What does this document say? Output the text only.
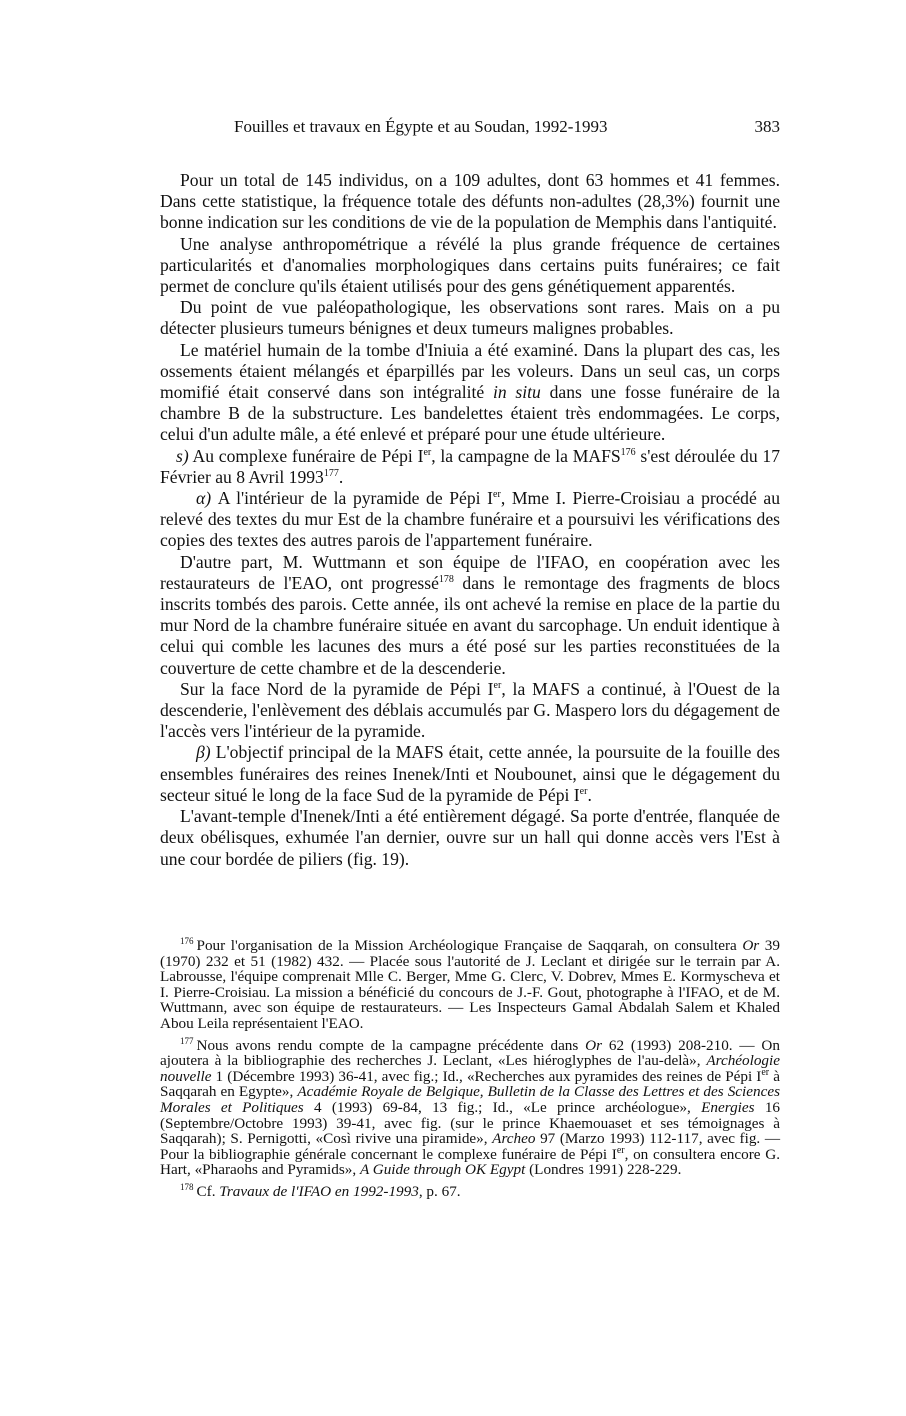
Fouilles et travaux en Égypte et au Soudan, 1992-1993	383

Pour un total de 145 individus, on a 109 adultes, dont 63 hommes et 41 femmes. Dans cette statistique, la fréquence totale des défunts non-adultes (28,3%) fournit une bonne indication sur les conditions de vie de la population de Memphis dans l'antiquité.

Une analyse anthropométrique a révélé la plus grande fréquence de certaines particularités et d'anomalies morphologiques dans certains puits funéraires; ce fait permet de conclure qu'ils étaient utilisés pour des gens génétiquement apparentés.

Du point de vue paléopathologique, les observations sont rares. Mais on a pu détecter plusieurs tumeurs bénignes et deux tumeurs malignes probables.

Le matériel humain de la tombe d'Iniuia a été examiné. Dans la plupart des cas, les ossements étaient mélangés et éparpillés par les voleurs. Dans un seul cas, un corps momifié était conservé dans son intégralité in situ dans une fosse funéraire de la chambre B de la substructure. Les bandelettes étaient très endommagées. Le corps, celui d'un adulte mâle, a été enlevé et préparé pour une étude ultérieure.

s) Au complexe funéraire de Pépi Ier, la campagne de la MAFS$^{176}$ s'est déroulée du 17 Février au 8 Avril 1993$^{177}$.

α) A l'intérieur de la pyramide de Pépi Ier, Mme I. Pierre-Croisiau a procédé au relevé des textes du mur Est de la chambre funéraire et a poursuivi les vérifications des copies des textes des autres parois de l'appartement funéraire.

D'autre part, M. Wuttmann et son équipe de l'IFAO, en coopération avec les restaurateurs de l'EAO, ont progressé$^{178}$ dans le remontage des fragments de blocs inscrits tombés des parois. Cette année, ils ont achevé la remise en place de la partie du mur Nord de la chambre funéraire située en avant du sarcophage. Un enduit identique à celui qui comble les lacunes des murs a été posé sur les parties reconstituées de la couverture de cette chambre et de la descenderie.

Sur la face Nord de la pyramide de Pépi Ier, la MAFS a continué, à l'Ouest de la descenderie, l'enlèvement des déblais accumulés par G. Maspero lors du dégagement de l'accès vers l'intérieur de la pyramide.

β) L'objectif principal de la MAFS était, cette année, la poursuite de la fouille des ensembles funéraires des reines Inenek/Inti et Noubounet, ainsi que le dégagement du secteur situé le long de la face Sud de la pyramide de Pépi Ier.

L'avant-temple d'Inenek/Inti a été entièrement dégagé. Sa porte d'entrée, flanquée de deux obélisques, exhumée l'an dernier, ouvre sur un hall qui donne accès vers l'Est à une cour bordée de piliers (fig. 19).

$^{176}$ Pour l'organisation de la Mission Archéologique Française de Saqqarah, on consultera Or 39 (1970) 232 et 51 (1982) 432. — Placée sous l'autorité de J. Leclant et dirigée sur le terrain par A. Labrousse, l'équipe comprenait Mlle C. Berger, Mme G. Clerc, V. Dobrev, Mmes E. Kormyscheva et I. Pierre-Croisiau. La mission a bénéficié du concours de J.-F. Gout, photographe à l'IFAO, et de M. Wuttmann, avec son équipe de restaurateurs. — Les Inspecteurs Gamal Abdalah Salem et Khaled Abou Leila représentaient l'EAO.

$^{177}$ Nous avons rendu compte de la campagne précédente dans Or 62 (1993) 208-210. — On ajoutera à la bibliographie des recherches J. Leclant, «Les hiéroglyphes de l'au-delà», Archéologie nouvelle 1 (Décembre 1993) 36-41, avec fig.; Id., «Recherches aux pyramides des reines de Pépi Ier à Saqqarah en Egypte», Académie Royale de Belgique, Bulletin de la Classe des Lettres et des Sciences Morales et Politiques 4 (1993) 69-84, 13 fig.; Id., «Le prince archéologue», Energies 16 (Septembre/Octobre 1993) 39-41, avec fig. (sur le prince Khaemouaset et ses témoignages à Saqqarah); S. Pernigotti, «Così rivive una piramide», Archeo 97 (Marzo 1993) 112-117, avec fig. — Pour la bibliographie générale concernant le complexe funéraire de Pépi Ier, on consultera encore G. Hart, «Pharaohs and Pyramids», A Guide through OK Egypt (Londres 1991) 228-229.

$^{178}$ Cf. Travaux de l'IFAO en 1992-1993, p. 67.
